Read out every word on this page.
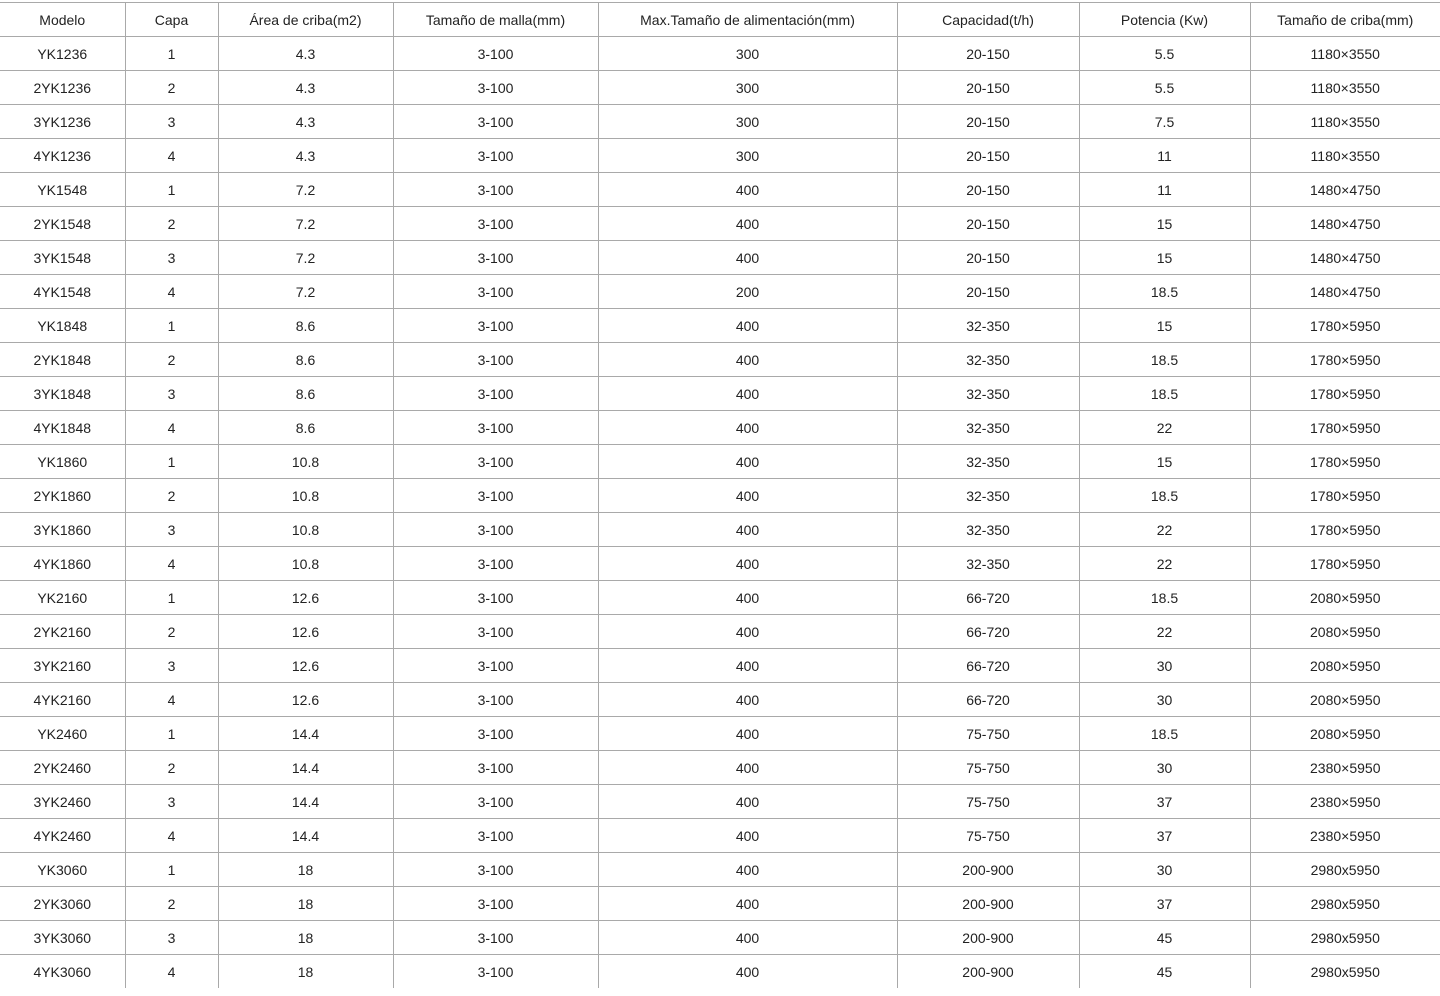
Modelo	Capa	Área de criba(m2)	Tamaño de malla(mm)	Max.Tamaño de alimentación(mm)	Capacidad(t/h)	Potencia (Kw)	Tamaño de criba(mm)
YK1236	1	4.3	3-100	300	20-150	5.5	1180×3550
2YK1236	2	4.3	3-100	300	20-150	5.5	1180×3550
3YK1236	3	4.3	3-100	300	20-150	7.5	1180×3550
4YK1236	4	4.3	3-100	300	20-150	11	1180×3550
YK1548	1	7.2	3-100	400	20-150	11	1480×4750
2YK1548	2	7.2	3-100	400	20-150	15	1480×4750
3YK1548	3	7.2	3-100	400	20-150	15	1480×4750
4YK1548	4	7.2	3-100	200	20-150	18.5	1480×4750
YK1848	1	8.6	3-100	400	32-350	15	1780×5950
2YK1848	2	8.6	3-100	400	32-350	18.5	1780×5950
3YK1848	3	8.6	3-100	400	32-350	18.5	1780×5950
4YK1848	4	8.6	3-100	400	32-350	22	1780×5950
YK1860	1	10.8	3-100	400	32-350	15	1780×5950
2YK1860	2	10.8	3-100	400	32-350	18.5	1780×5950
3YK1860	3	10.8	3-100	400	32-350	22	1780×5950
4YK1860	4	10.8	3-100	400	32-350	22	1780×5950
YK2160	1	12.6	3-100	400	66-720	18.5	2080×5950
2YK2160	2	12.6	3-100	400	66-720	22	2080×5950
3YK2160	3	12.6	3-100	400	66-720	30	2080×5950
4YK2160	4	12.6	3-100	400	66-720	30	2080×5950
YK2460	1	14.4	3-100	400	75-750	18.5	2080×5950
2YK2460	2	14.4	3-100	400	75-750	30	2380×5950
3YK2460	3	14.4	3-100	400	75-750	37	2380×5950
4YK2460	4	14.4	3-100	400	75-750	37	2380×5950
YK3060	1	18	3-100	400	200-900	30	2980x5950
2YK3060	2	18	3-100	400	200-900	37	2980x5950
3YK3060	3	18	3-100	400	200-900	45	2980x5950
4YK3060	4	18	3-100	400	200-900	45	2980x5950
